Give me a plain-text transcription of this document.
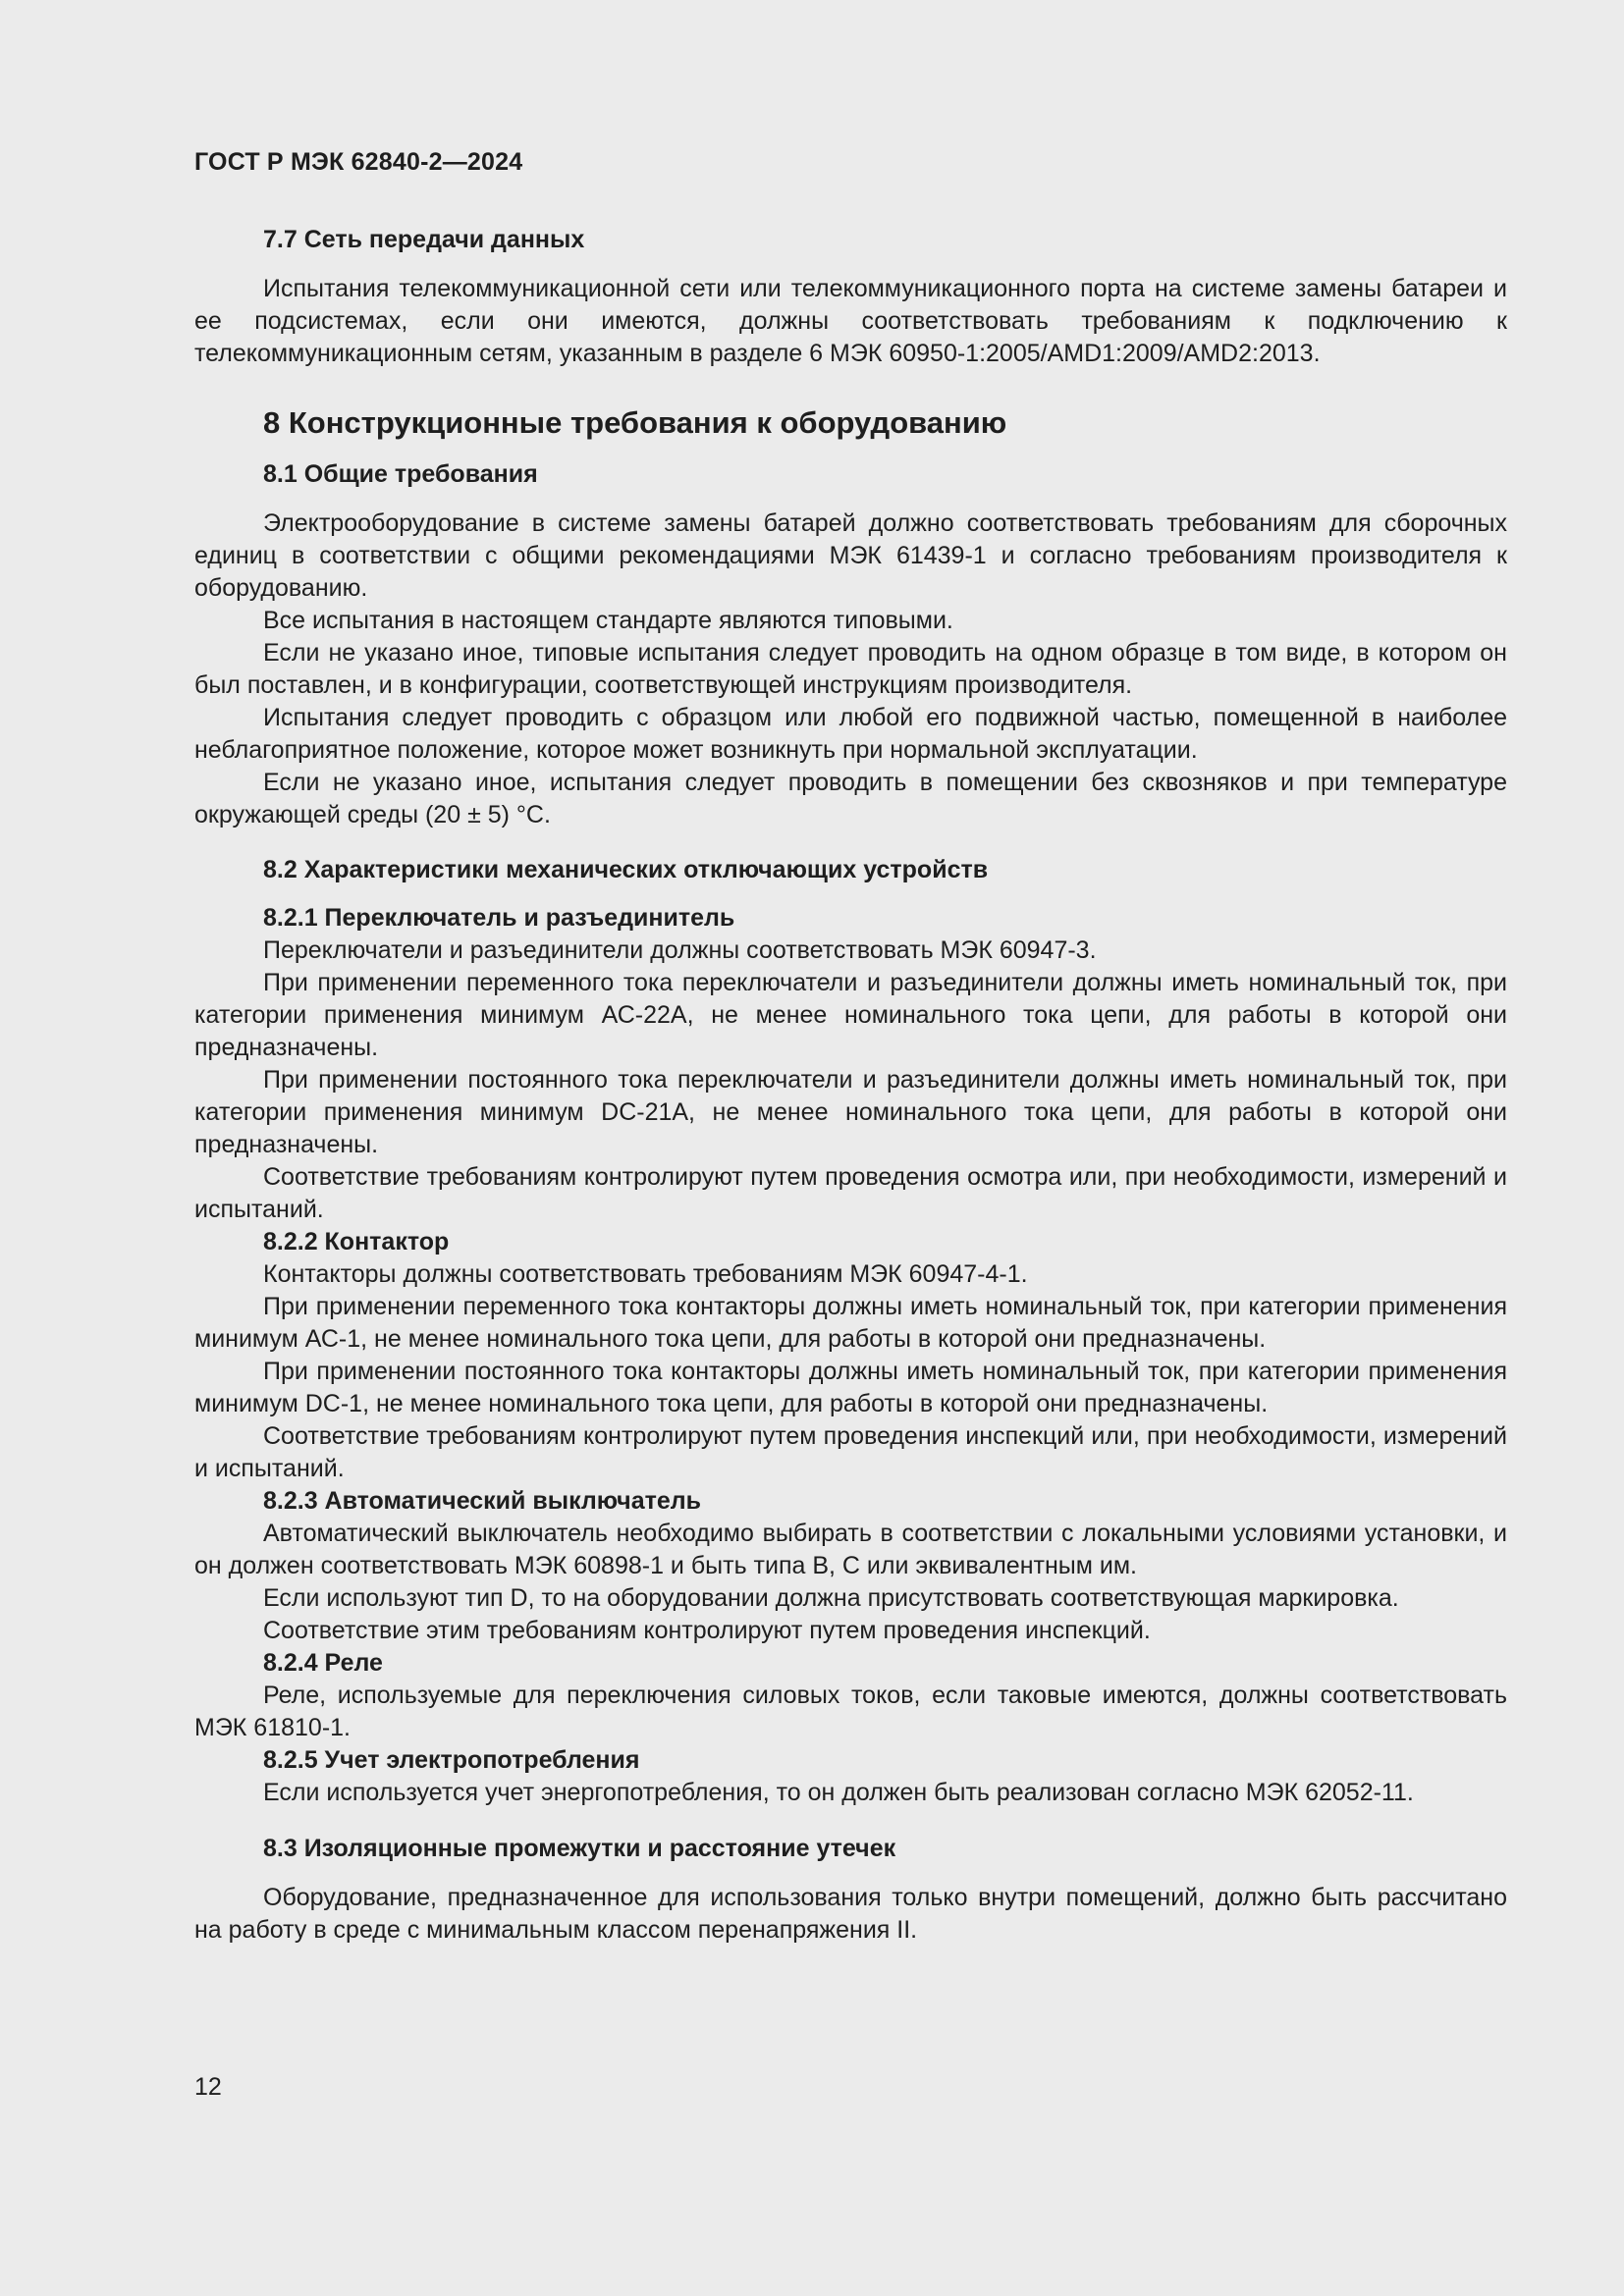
ГОСТ Р МЭК 62840-2—2024
7.7 Сеть передачи данных

Испытания телекоммуникационной сети или телекоммуникационного порта на системе замены батареи и ее подсистемах, если они имеются, должны соответствовать требованиям к подключению к телекоммуникационным сетям, указанным в разделе 6 МЭК 60950-1:2005/AMD1:2009/AMD2:2013.

8 Конструкционные требования к оборудованию
8.1 Общие требования

Электрооборудование в системе замены батарей должно соответствовать требованиям для сборочных единиц в соответствии с общими рекомендациями МЭК 61439-1 и согласно требованиям производителя к оборудованию.

Все испытания в настоящем стандарте являются типовыми.

Если не указано иное, типовые испытания следует проводить на одном образце в том виде, в котором он был поставлен, и в конфигурации, соответствующей инструкциям производителя.

Испытания следует проводить с образцом или любой его подвижной частью, помещенной в наиболее неблагоприятное положение, которое может возникнуть при нормальной эксплуатации.

Если не указано иное, испытания следует проводить в помещении без сквозняков и при температуре окружающей среды (20 ± 5) °С.

8.2 Характеристики механических отключающих устройств
8.2.1 Переключатель и разъединитель

Переключатели и разъединители должны соответствовать МЭК 60947-3.

При применении переменного тока переключатели и разъединители должны иметь номинальный ток, при категории применения минимум АС-22А, не менее номинального тока цепи, для работы в которой они предназначены.

При применении постоянного тока переключатели и разъединители должны иметь номинальный ток, при категории применения минимум DC-21A, не менее номинального тока цепи, для работы в которой они предназначены.

Соответствие требованиям контролируют путем проведения осмотра или, при необходимости, измерений и испытаний.

8.2.2 Контактор

Контакторы должны соответствовать требованиям МЭК 60947-4-1.

При применении переменного тока контакторы должны иметь номинальный ток, при категории применения минимум АС-1, не менее номинального тока цепи, для работы в которой они предназначены.

При применении постоянного тока контакторы должны иметь номинальный ток, при категории применения минимум DC-1, не менее номинального тока цепи, для работы в которой они предназначены.

Соответствие требованиям контролируют путем проведения инспекций или, при необходимости, измерений и испытаний.

8.2.3 Автоматический выключатель

Автоматический выключатель необходимо выбирать в соответствии с локальными условиями установки, и он должен соответствовать МЭК 60898-1 и быть типа В, С или эквивалентным им.

Если используют тип D, то на оборудовании должна присутствовать соответствующая маркировка.

Соответствие этим требованиям контролируют путем проведения инспекций.

8.2.4 Реле

Реле, используемые для переключения силовых токов, если таковые имеются, должны соответствовать МЭК 61810-1.

8.2.5 Учет электропотребления

Если используется учет энергопотребления, то он должен быть реализован согласно МЭК 62052-11.

8.3 Изоляционные промежутки и расстояние утечек

Оборудование, предназначенное для использования только внутри помещений, должно быть рассчитано на работу в среде с минимальным классом перенапряжения II.

12
